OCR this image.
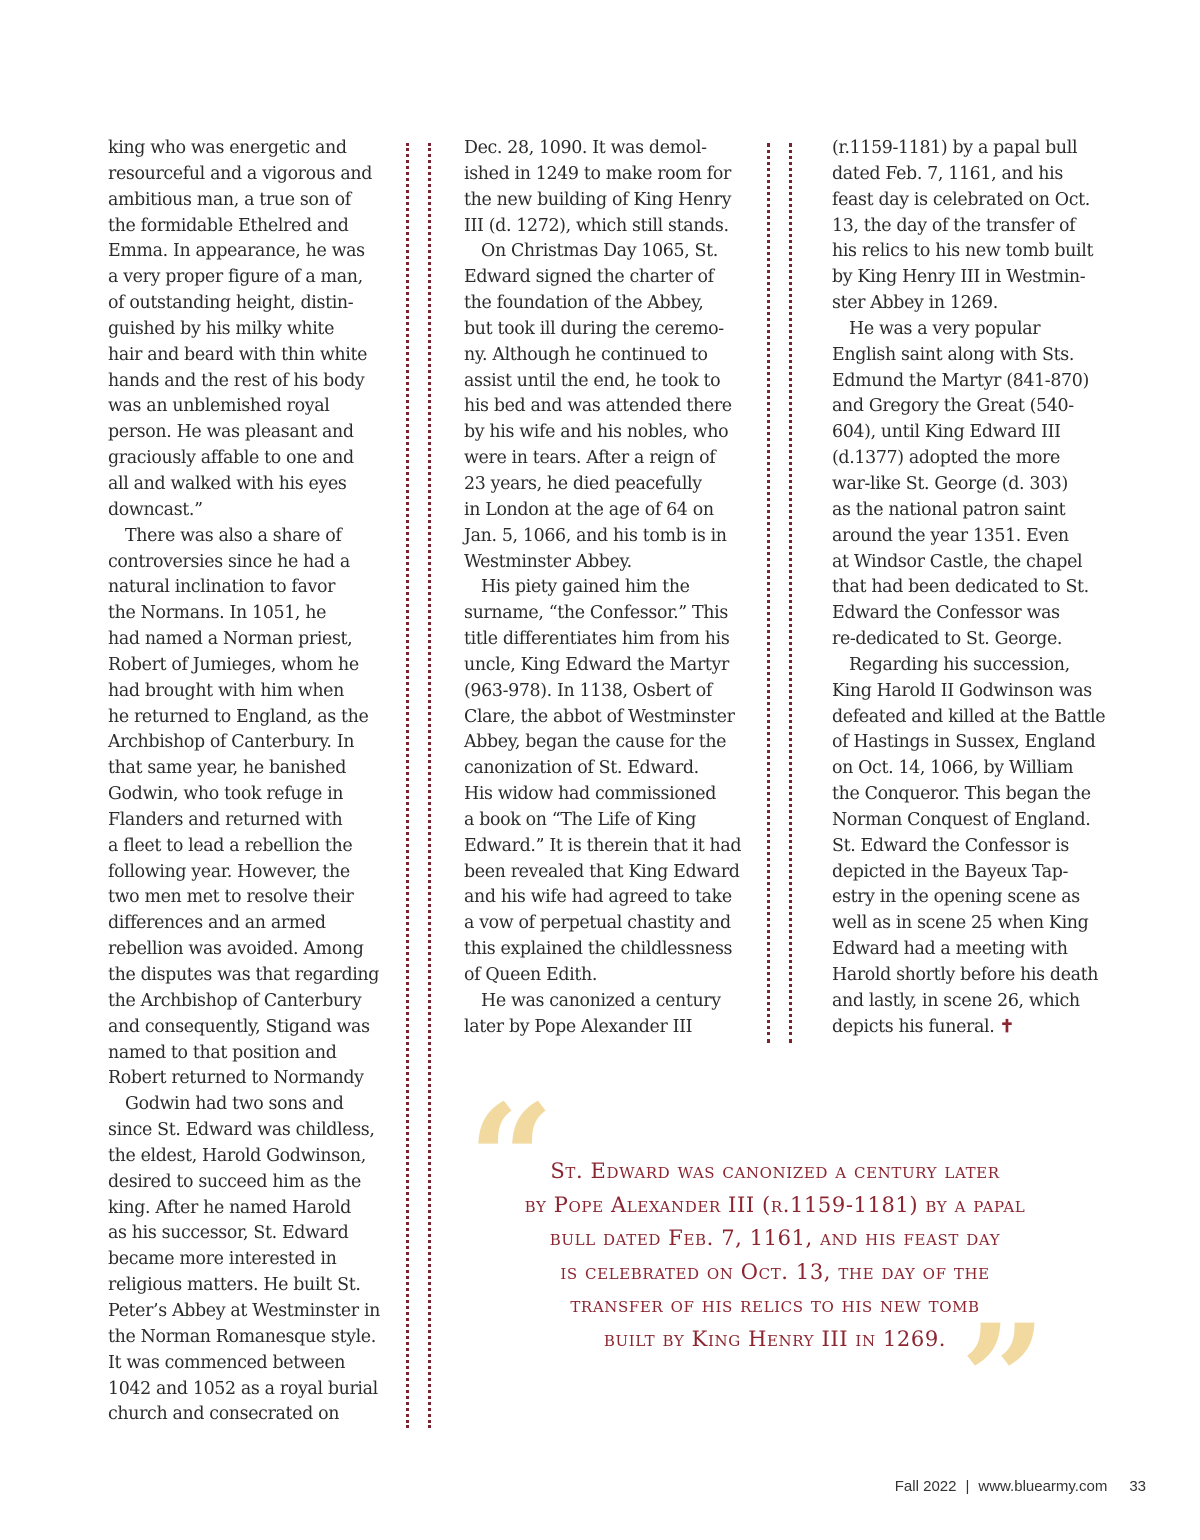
king who was energetic and
resourceful and a vigorous and
ambitious man, a true son of
the formidable Ethelred and
Emma. In appearance, he was
a very proper figure of a man,
of outstanding height, distin-
guished by his milky white
hair and beard with thin white
hands and the rest of his body
was an unblemished royal
person. He was pleasant and
graciously affable to one and
all and walked with his eyes
downcast.”
 There was also a share of
controversies since he had a
natural inclination to favor
the Normans. In 1051, he
had named a Norman priest,
Robert of Jumieges, whom he
had brought with him when
he returned to England, as the
Archbishop of Canterbury. In
that same year, he banished
Godwin, who took refuge in
Flanders and returned with
a fleet to lead a rebellion the
following year. However, the
two men met to resolve their
differences and an armed
rebellion was avoided. Among
the disputes was that regarding
the Archbishop of Canterbury
and consequently, Stigand was
named to that position and
Robert returned to Normandy
 Godwin had two sons and
since St. Edward was childless,
the eldest, Harold Godwinson,
desired to succeed him as the
king. After he named Harold
as his successor, St. Edward
became more interested in
religious matters. He built St.
Peter’s Abbey at Westminster in
the Norman Romanesque style.
It was commenced between
1042 and 1052 as a royal burial
church and consecrated on
Dec. 28, 1090. It was demol-
ished in 1249 to make room for
the new building of King Henry
III (d. 1272), which still stands.
 On Christmas Day 1065, St.
Edward signed the charter of
the foundation of the Abbey,
but took ill during the ceremo-
ny. Although he continued to
assist until the end, he took to
his bed and was attended there
by his wife and his nobles, who
were in tears. After a reign of
23 years, he died peacefully
in London at the age of 64 on
Jan. 5, 1066, and his tomb is in
Westminster Abbey.
 His piety gained him the
surname, “the Confessor.” This
title differentiates him from his
uncle, King Edward the Martyr
(963-978). In 1138, Osbert of
Clare, the abbot of Westminster
Abbey, began the cause for the
canonization of St. Edward.
His widow had commissioned
a book on “The Life of King
Edward.” It is therein that it had
been revealed that King Edward
and his wife had agreed to take
a vow of perpetual chastity and
this explained the childlessness
of Queen Edith.
 He was canonized a century
later by Pope Alexander III
(r.1159-1181) by a papal bull
dated Feb. 7, 1161, and his
feast day is celebrated on Oct.
13, the day of the transfer of
his relics to his new tomb built
by King Henry III in Westmin-
ster Abbey in 1269.
 He was a very popular
English saint along with Sts.
Edmund the Martyr (841-870)
and Gregory the Great (540-
604), until King Edward III
(d.1377) adopted the more
war-like St. George (d. 303)
as the national patron saint
around the year 1351. Even
at Windsor Castle, the chapel
that had been dedicated to St.
Edward the Confessor was
re-dedicated to St. George.
 Regarding his succession,
King Harold II Godwinson was
defeated and killed at the Battle
of Hastings in Sussex, England
on Oct. 14, 1066, by William
the Conqueror. This began the
Norman Conquest of England.
St. Edward the Confessor is
depicted in the Bayeux Tap-
estry in the opening scene as
well as in scene 25 when King
Edward had a meeting with
Harold shortly before his death
and lastly, in scene 26, which
depicts his funeral. ✝
“
St. Edward was canonized a century later
by Pope Alexander III (r.1159-1181) by a papal
bull dated Feb. 7, 1161, and his feast day
is celebrated on Oct. 13, the day of the
transfer of his relics to his new tomb
built by King Henry III in 1269. ”
Fall 2022 | www.bluearmy.com 33
